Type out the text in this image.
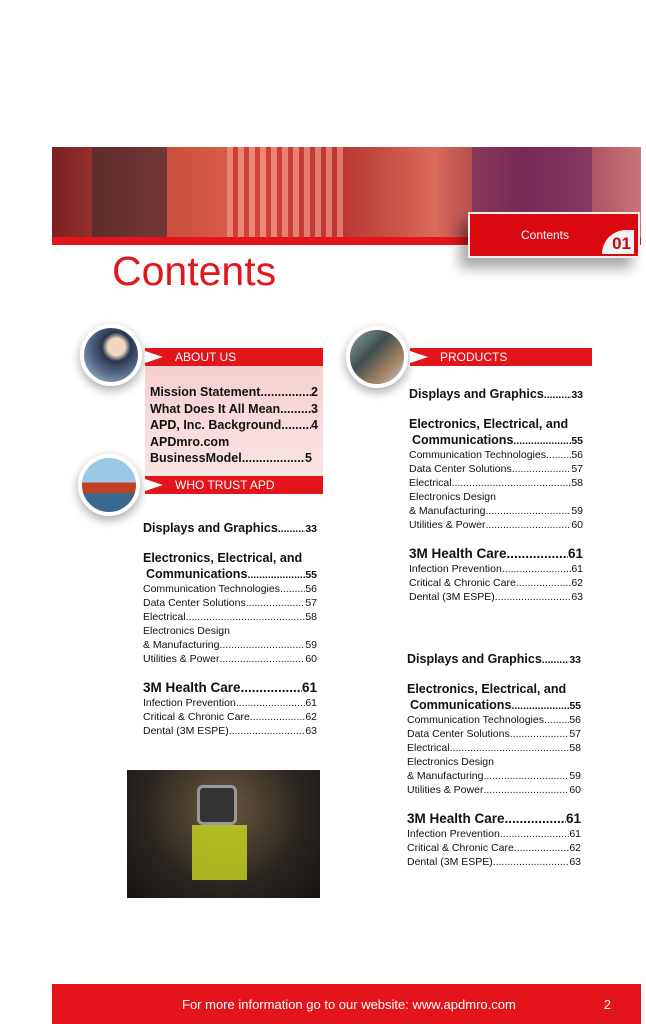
Contents	01
Contents
ABOUT US
Mission Statement .....	2
What Does It All Mean ..... 3
APD, Inc. Background ..... 4
APDmro.com
BusinessModel .....	5
WHO TRUST APD
PRODUCTS
Displays and Graphics .....	33
Electronics, Electrical, and
Communications .....	55
Communication Technologies ..... 56
Data Center Solutions .....	57
Electrical .....	58
Electronics Design
& Manufacturing .....	59
Utilities & Power .....	60
3M Health Care .....	61
Infection Prevention .....	61
Critical & Chronic Care .....	62
Dental (3M ESPE) .....	63
Displays and Graphics .....	33
Electronics, Electrical, and
Communications .....	55
Communication Technologies ..... 56
Data Center Solutions .....	57
Electrical .....	58
Electronics Design
& Manufacturing .....	59
Utilities & Power .....	60
3M Health Care .....	61
Infection Prevention .....	61
Critical & Chronic Care .....	62
Dental (3M ESPE) .....	63
Displays and Graphics .....	33
Electronics, Electrical, and
Communications .....	55
Communication Technologies ..... 56
Data Center Solutions .....	57
Electrical .....	58
Electronics Design
& Manufacturing .....	59
Utilities & Power .....	60
3M Health Care .....	61
Infection Prevention .....	61
Critical & Chronic Care .....	62
Dental (3M ESPE) .....	63
For more information go to our website: www.apdmro.com	2
